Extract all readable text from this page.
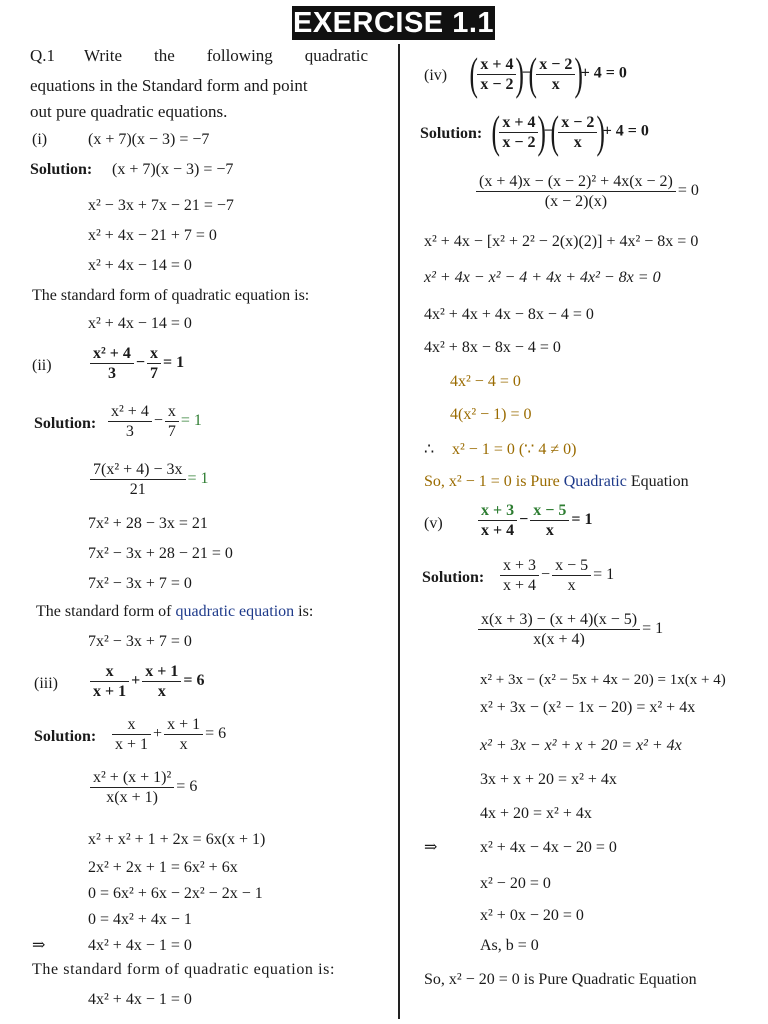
EXERCISE 1.1
Q.1 Write the following quadratic
equations in the Standard form and point
out pure quadratic equations.
(i)	(x + 7)(x − 3) = −7
Solution: (x + 7)(x − 3) = −7
x² − 3x + 7x − 21 = −7
x² + 4x − 21 + 7 = 0
x² + 4x − 14 = 0
The standard form of quadratic equation is:
x² + 4x − 14 = 0
$(ii) \frac{\text{x² + 4}}{3} - \frac{x}{7} = 1$
Solution: $\frac{\text{x² + 4}}{3} - \frac{x}{7} = 1$
$\frac{\text{7(x² + 4) − 3x}}{21} = 1$
7x² + 28 − 3x = 21
7x² − 3x + 28 − 21 = 0
7x² − 3x + 7 = 0
The standard form of quadratic equation is:
7x² − 3x + 7 = 0
$(iii) \frac{x}{x + 1} + \frac{x + 1}{x} = 6$
Solution: $\frac{x}{x + 1} + \frac{x + 1}{x} = 6$
$\frac{\text{x² + (x + 1)²}}{x(x + 1)} = 6$
x² + x² + 1 + 2x = 6x(x + 1)
2x² + 2x + 1 = 6x² + 6x
0 = 6x² + 6x − 2x² − 2x − 1
0 = 4x² + 4x − 1
⇒	4x² + 4x − 1 = 0
The standard form of quadratic equation is:
4x² + 4x − 1 = 0
(iv) ( $\frac{x + 4}{x - 2}$ )−( $\frac{x - 2}{x}$ )+ 4 = 0
Solution: ( $\frac{x + 4}{x - 2}$ )−( $\frac{x - 2}{x}$ )+ 4 = 0
$\frac{\text{(x + 4)x − (x − 2)² + 4x(x − 2)}}{(x - 2)(x)} = 0$
x² + 4x − [x² + 2² − 2(x)(2)] + 4x² − 8x = 0
x² + 4x − x² − 4 + 4x + 4x² − 8x = 0
4x² + 4x + 4x − 8x − 4 = 0
4x² + 8x − 8x − 4 = 0
4x² − 4 = 0
4(x² − 1) = 0
∴ x² − 1 = 0 (∵ 4 ≠ 0)
So, x² − 1 = 0 is Pure Quadratic Equation
$(v) \frac{x + 3}{x + 4} - \frac{x - 5}{x} = 1$
Solution: $\frac{x + 3}{x + 4} - \frac{x - 5}{x} = 1$
$\frac{x(x + 3) - (x + 4)(x - 5)}{x(x + 4)} = 1$
x² + 3x − (x² − 5x + 4x − 20) = 1x(x + 4)
x² + 3x − (x² − 1x − 20) = x² + 4x
x² + 3x − x² + x + 20 = x² + 4x
3x + x + 20 = x² + 4x
4x + 20 = x² + 4x
⇒	x² + 4x − 4x − 20 = 0
x² − 20 = 0
x² + 0x − 20 = 0
As, b = 0
So, x² − 20 = 0 is Pure Quadratic Equation
